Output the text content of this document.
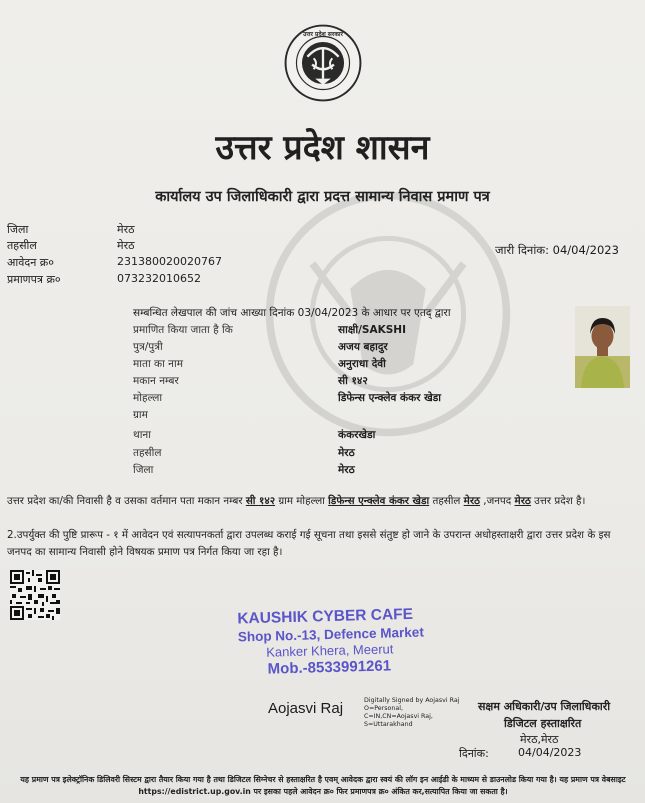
उत्तर प्रदेश सरकार
उत्तर प्रदेश शासन
कार्यालय उप जिलाधिकारी द्वारा प्रदत्त सामान्य निवास प्रमाण पत्र
जिला	मेरठ
तहसील	मेरठ
आवेदन क्र०	231380020020767
प्रमाणपत्र क्र०	073232010652
जारी दिनांक: 04/04/2023
सम्बन्धित लेखपाल की जांच आख्या दिनांक 03/04/2023 के आधार पर एतद् द्वारा
प्रमाणित किया जाता है कि	साक्षी/SAKSHI
पुत्र/पुत्री	अजय बहादुर
माता का नाम	अनुराधा देवी
मकान नम्बर	सी १४२
मोहल्ला	डिफेन्स एन्क्लेव कंकर खेडा
ग्राम
थाना	कंकरखेडा
तहसील	मेरठ
जिला	मेरठ
उत्तर प्रदेश का/की निवासी है व उसका वर्तमान पता मकान नम्बर सी १४२ ग्राम मोहल्ला डिफेन्स एन्क्लेव कंकर खेडा तहसील मेरठ ,जनपद मेरठ उत्तर प्रदेश है।
2.उपर्युक्त की पुष्टि प्रारूप - १ में आवेदन एवं सत्यापनकर्ता द्वारा उपलब्ध कराई गई सूचना तथा इससे संतुष्ट हो जाने के उपरान्त अधोहस्ताक्षरी द्वारा उत्तर प्रदेश के इस जनपद का सामान्य निवासी होने विषयक प्रमाण पत्र निर्गत किया जा रहा है।
KAUSHIK CYBER CAFE
Shop No.-13, Defence Market
Kanker Khera, Meerut
Mob.-8533991261
Aojasvi Raj	Digitally Signed by Aojasvi Raj
O=Personal,
C=IN,CN=Aojasvi Raj,
S=Uttarakhand
सक्षम अधिकारी/उप जिलाधिकारी
डिजिटल हस्ताक्षरित
मेरठ,मेरठ
दिनांक:	04/04/2023
यह प्रमाण पत्र इलेक्ट्रॉनिक डिलिवरी सिस्टम द्वारा तैयार किया गया है तथा डिजिटल सिग्नेचर से हस्ताक्षरित है एवम् आवेदक द्वारा स्वयं की लॉग इन आईडी के माध्यम से डाउनलोड किया गया है। यह प्रमाण पत्र वेबसाइट https://edistrict.up.gov.in पर इसका पहले आवेदन क्र० फिर प्रमाणपत्र क्र० अंकित कर,सत्यापित किया जा सकता है।
